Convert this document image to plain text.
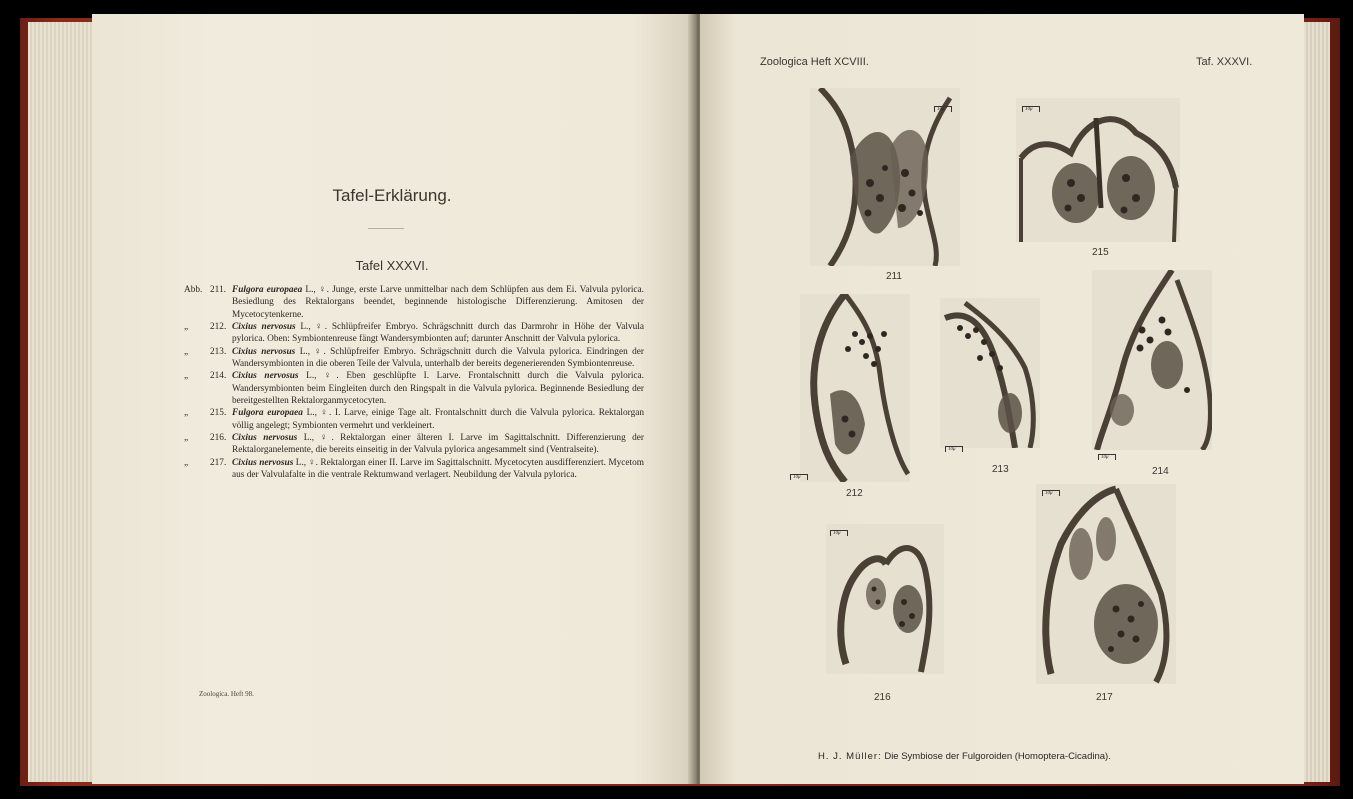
Tafel-Erklärung.
Tafel XXXVI.
Abb. 211. Fulgora europaea L., ♀. Junge, erste Larve unmittelbar nach dem Schlüpfen aus dem Ei. Valvula pylorica. Besiedlung des Rektalorgans beendet, beginnende histologische Differenzierung. Amitosen der Mycetocytenkerne.
„	212. Cixius nervosus L., ♀. Schlüpfreifer Embryo. Schrägschnitt durch das Darmrohr in Höhe der Valvula pylorica. Oben: Symbiontenreuse fängt Wandersymbionten auf; darunter Anschnitt der Valvula pylorica.
„	213. Cixius nervosus L., ♀. Schlüpfreifer Embryo. Schrägschnitt durch die Valvula pylorica. Eindringen der Wandersymbionten in die oberen Teile der Valvula, unterhalb der bereits degenerierenden Symbiontenreuse.
„	214. Cixius nervosus L., ♀. Eben geschlüpfte I. Larve. Frontalschnitt durch die Valvula pylorica. Wandersymbionten beim Eingleiten durch den Ringspalt in die Valvula pylorica. Beginnende Besiedlung der bereitgestellten Rektalorganmycetocyten.
„	215. Fulgora europaea L., ♀. I. Larve, einige Tage alt. Frontalschnitt durch die Valvula pylorica. Rektalorgan völlig angelegt; Symbionten vermehrt und verkleinert.
„	216. Cixius nervosus L., ♀. Rektalorgan einer älteren I. Larve im Sagittalschnitt. Differenzierung der Rektalorganelemente, die bereits einseitig in der Valvula pylorica angesammelt sind (Ventralseite).
„	217. Cixius nervosus L., ♀. Rektalorgan einer II. Larve im Sagittalschnitt. Mycetocyten ausdifferenziert. Mycetom aus der Valvulafalte in die ventrale Rektumwand verlagert. Neubildung der Valvula pylorica.
Zoologica. Heft 98.
Zoologica Heft XCVIII.	Taf. XXXVI.
10μ
211
10μ
215
10μ
212
10μ
213
10μ
214
10μ
216
10μ
217
H. J. Müller: Die Symbiose der Fulgoroiden (Homoptera-Cicadina).
